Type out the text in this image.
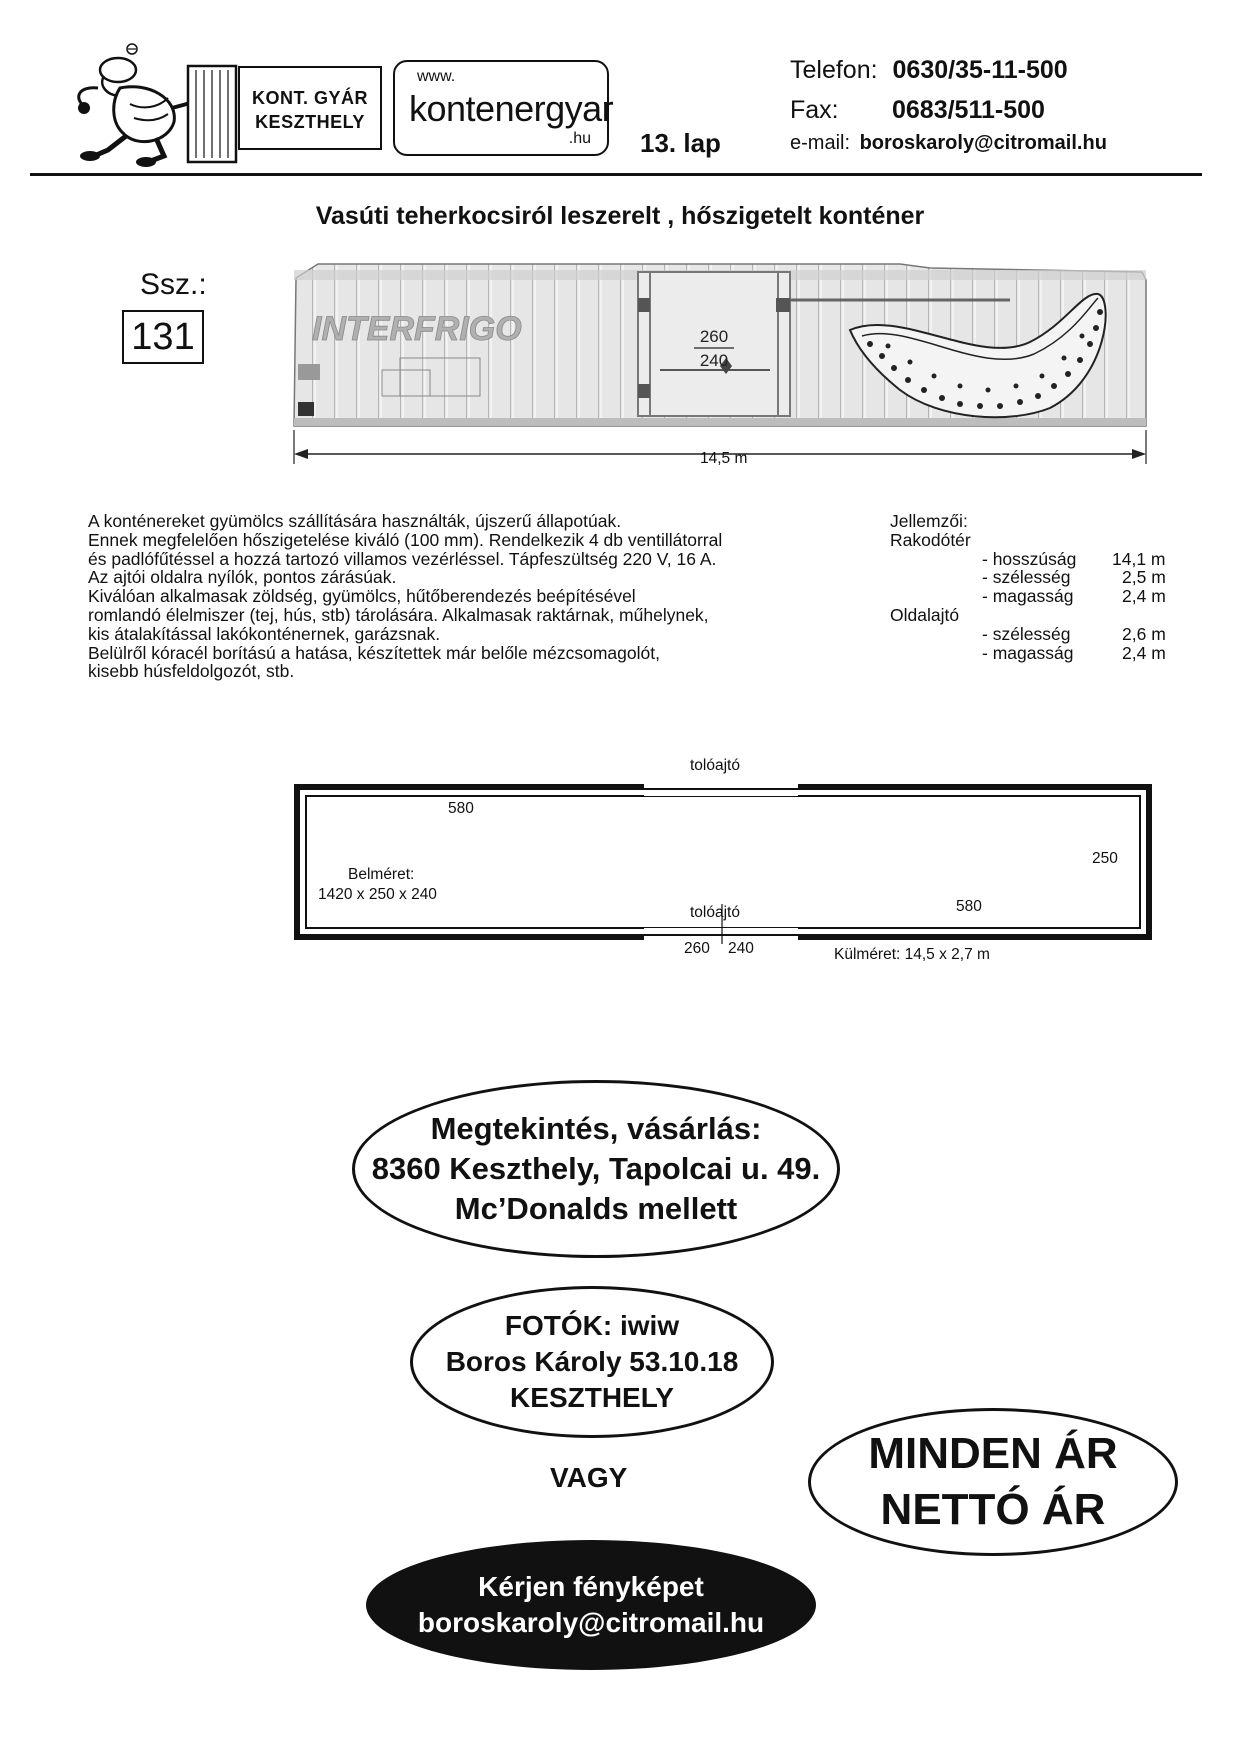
KONT. GYÁR
KESZTHELY
www.
kontenergyar
.hu 13. lap
Telefon: 0630/35-11-500
Fax: 0683/511-500
e-mail: boroskaroly@citromail.hu
Vasúti teherkocsiról leszerelt , hőszigetelt konténer
Ssz.:
131	INTERFRIGO	260
240
14,5 m
A konténereket gyümölcs szállítására használták, újszerű állapotúak.
Ennek megfelelően hőszigetelése kiváló (100 mm). Rendelkezik 4 db ventillátorral
és padlófűtéssel a hozzá tartozó villamos vezérléssel. Tápfeszültség 220 V, 16 A.
Az ajtói oldalra nyílók, pontos zárásúak.
Kiválóan alkalmasak zöldség, gyümölcs, hűtőberendezés beépítésével
romlandó élelmiszer (tej, hús, stb) tárolására. Alkalmasak raktárnak, műhelynek,
kis átalakítással lakókonténernek, garázsnak.
Belülről kóracél borítású a hatása, készítettek már belőle mézcsomagolót,
kisebb húsfeldolgozót, stb.
Jellemzői:
Rakodótér
- hosszúság 14,1 m
- szélesség	2,5 m
- magasság	2,4 m
Oldalajtó
- szélesség	2,6 m
- magasság	2,4 m
tolóajtó
580
250
Belméret:
1420 x 250 x 240
580
tolóajtó
260 240	Külméret: 14,5 x 2,7 m
Megtekintés, vásárlás:
8360 Keszthely, Tapolcai u. 49.
Mc’Donalds mellett
FOTÓK: iwiw
Boros Károly 53.10.18
KESZTHELY
VAGY	MINDEN ÁR
NETTÓ ÁR
Kérjen fényképet
boroskaroly@citromail.hu
